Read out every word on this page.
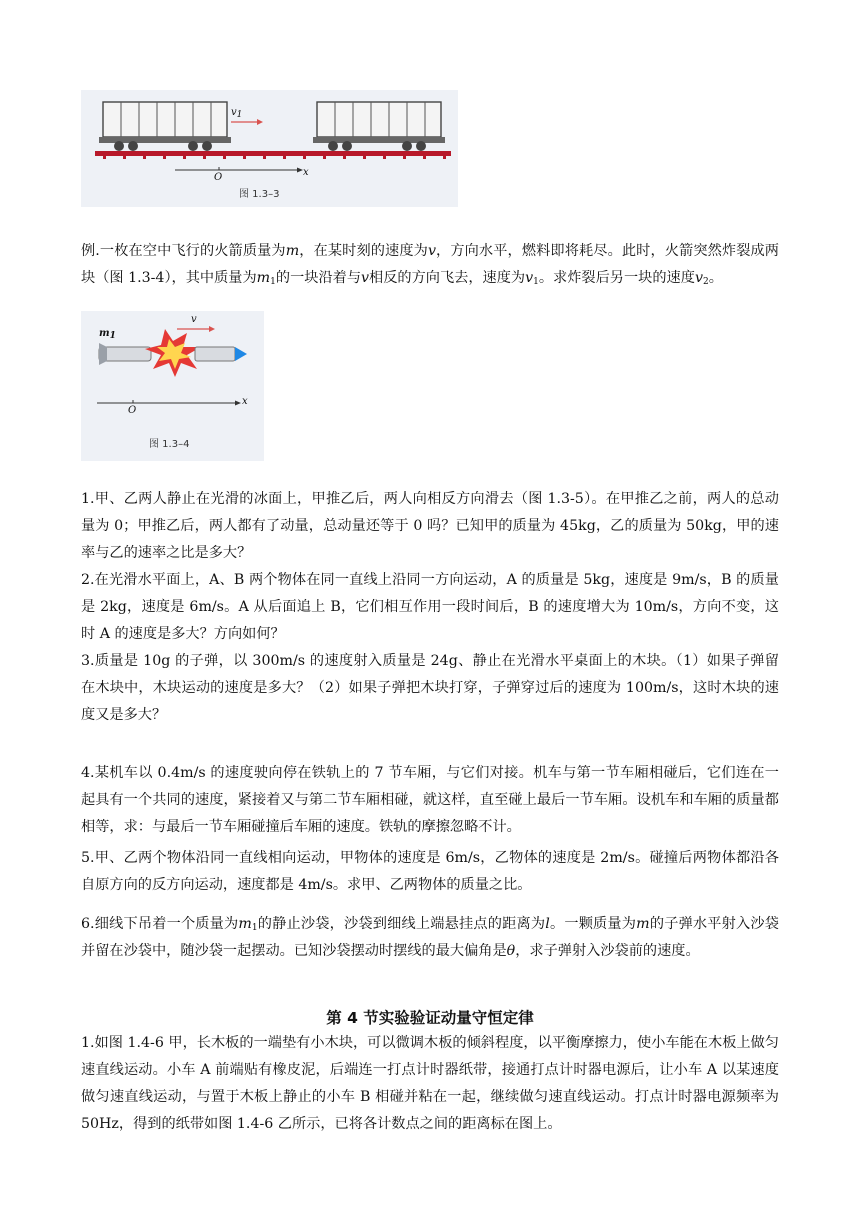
$v_1$
O	x
图 1.3–3

例.一枚在空中飞行的火箭质量为m，在某时刻的速度为v，方向水平，燃料即将耗尽。此时，火箭突然炸裂成两块（图 1.3-4），其中质量为$m_1$的一块沿着与v相反的方向飞去，速度为$v_1$。求炸裂后另一块的速度$v_2$。

$m_1$
v
O
x
图 1.3–4

1.甲、乙两人静止在光滑的冰面上，甲推乙后，两人向相反方向滑去（图 1.3-5）。在甲推乙之前，两人的总动量为 0；甲推乙后，两人都有了动量，总动量还等于 0 吗？已知甲的质量为 45kg，乙的质量为 50kg，甲的速率与乙的速率之比是多大？

2.在光滑水平面上，A、B 两个物体在同一直线上沿同一方向运动，A 的质量是 5kg，速度是 9m/s，B 的质量是 2kg，速度是 6m/s。A 从后面追上 B，它们相互作用一段时间后，B 的速度增大为 10m/s，方向不变，这时 A 的速度是多大？方向如何？

3.质量是 10g 的子弹，以 300m/s 的速度射入质量是 24g、静止在光滑水平桌面上的木块。（1）如果子弹留在木块中，木块运动的速度是多大？（2）如果子弹把木块打穿，子弹穿过后的速度为 100m/s，这时木块的速度又是多大？

4.某机车以 0.4m/s 的速度驶向停在铁轨上的 7 节车厢，与它们对接。机车与第一节车厢相碰后，它们连在一起具有一个共同的速度，紧接着又与第二节车厢相碰，就这样，直至碰上最后一节车厢。设机车和车厢的质量都相等，求：与最后一节车厢碰撞后车厢的速度。铁轨的摩擦忽略不计。

5.甲、乙两个物体沿同一直线相向运动，甲物体的速度是 6m/s，乙物体的速度是 2m/s。碰撞后两物体都沿各自原方向的反方向运动，速度都是 4m/s。求甲、乙两物体的质量之比。

6.细线下吊着一个质量为$m_1$的静止沙袋，沙袋到细线上端悬挂点的距离为l。一颗质量为m的子弹水平射入沙袋并留在沙袋中，随沙袋一起摆动。已知沙袋摆动时摆线的最大偏角是θ，求子弹射入沙袋前的速度。

第 4 节实验验证动量守恒定律

1.如图 1.4-6 甲，长木板的一端垫有小木块，可以微调木板的倾斜程度，以平衡摩擦力，使小车能在木板上做匀速直线运动。小车 A 前端贴有橡皮泥，后端连一打点计时器纸带，接通打点计时器电源后，让小车 A 以某速度做匀速直线运动，与置于木板上静止的小车 B 相碰并粘在一起，继续做匀速直线运动。打点计时器电源频率为 50Hz，得到的纸带如图 1.4-6 乙所示，已将各计数点之间的距离标在图上。
